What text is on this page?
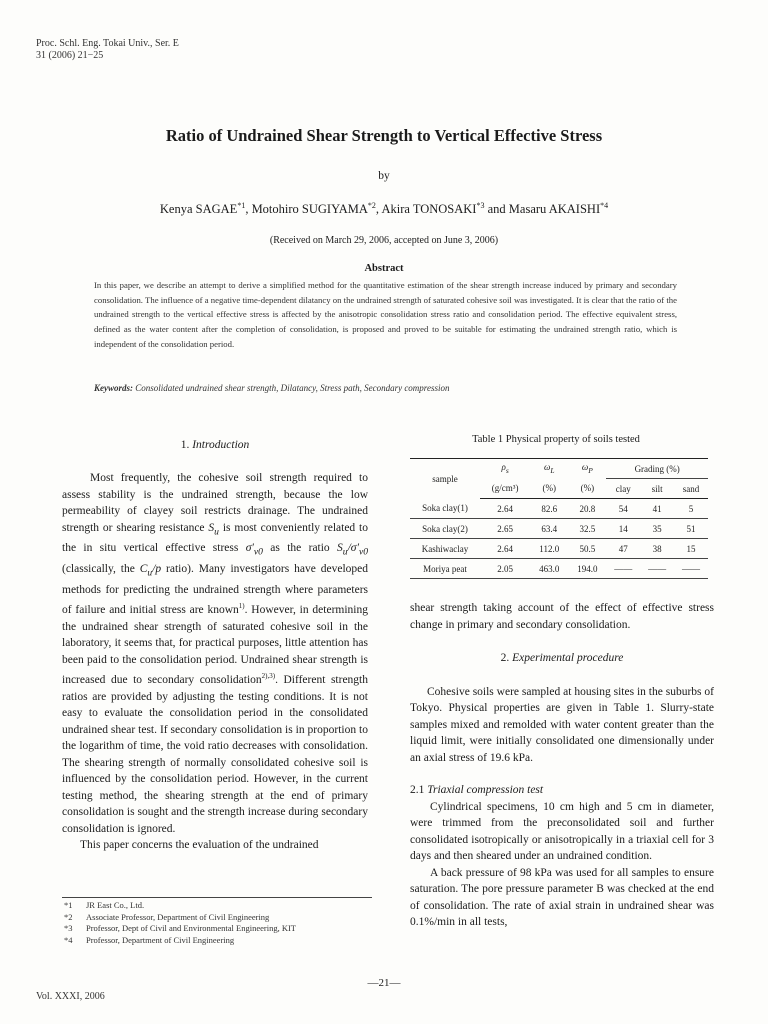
Proc. Schl. Eng. Tokai Univ., Ser. E
31 (2006) 21−25
Ratio of Undrained Shear Strength to Vertical Effective Stress
by
Kenya SAGAE$^{*1}$, Motohiro SUGIYAMA$^{*2}$, Akira TONOSAKI$^{*3}$ and Masaru AKAISHI$^{*4}$
(Received on March 29, 2006, accepted on June 3, 2006)
Abstract
In this paper, we describe an attempt to derive a simplified method for the quantitative estimation of the shear strength increase induced by primary and secondary consolidation. The influence of a negative time-dependent dilatancy on the undrained strength of saturated cohesive soil was investigated. It is clear that the ratio of the undrained strength to the vertical effective stress is affected by the anisotropic consolidation stress ratio and consolidation period. The effective equivalent stress, defined as the water content after the completion of consolidation, is proposed and proved to be suitable for estimating the undrained strength ratio, which is independent of the consolidation period.
Keywords: Consolidated undrained shear strength, Dilatancy, Stress path, Secondary compression
1. Introduction

Most frequently, the cohesive soil strength required to assess stability is the undrained strength, because the low permeability of clayey soil restricts drainage. The undrained strength or shearing resistance $S_u$ is most conveniently related to the in situ vertical effective stress $\sigma'_{v0}$ as the ratio $S_u/\sigma'_{v0}$ (classically, the $C_u/p$ ratio). Many investigators have developed methods for predicting the undrained strength where parameters of failure and initial stress are known$^{1)}$. However, in determining the undrained shear strength of saturated cohesive soil in the laboratory, it seems that, for practical purposes, little attention has been paid to the consolidation period. Undrained shear strength is increased due to secondary consolidation$^{2),3)}$. Different strength ratios are provided by adjusting the testing conditions. It is not easy to evaluate the consolidation period in the consolidated undrained shear test. If secondary consolidation is in proportion to the logarithm of time, the void ratio decreases with consolidation. The shearing strength of normally consolidated cohesive soil is influenced by the consolidation period. However, in the current testing method, the shearing strength at the end of primary consolidation is sought and the strength increase during secondary consolidation is ignored.

This paper concerns the evaluation of the undrained

*1 JR East Co., Ltd.
*2 Associate Professor, Department of Civil Engineering
*3 Professor, Dept of Civil and Environmental Engineering, KIT
*4 Professor, Department of Civil Engineering
Table 1 Physical property of soils tested
sample	$\rho_s$	$\omega_L$	$\omega_P$	Grading (%)		
	(g/cm³)	(%)	(%)	clay	silt	sand
Soka clay(1)	2.64	82.6	20.8	54	41	5
Soka clay(2)	2.65	63.4	32.5	14	35	51
Kashiwaclay	2.64	112.0	50.5	47	38	15
Moriya peat	2.05	463.0	194.0	——	——	——

shear strength taking account of the effect of effective stress change in primary and secondary consolidation.

2. Experimental procedure

Cohesive soils were sampled at housing sites in the suburbs of Tokyo. Physical properties are given in Table 1. Slurry-state samples mixed and remolded with water content greater than the liquid limit, were initially consolidated one dimensionally under an axial stress of 19.6 kPa.

2.1 Triaxial compression test

Cylindrical specimens, 10 cm high and 5 cm in diameter, were trimmed from the preconsolidated soil and further consolidated isotropically or anisotropically in a triaxial cell for 3 days and then sheared under an undrained condition.

A back pressure of 98 kPa was used for all samples to ensure saturation. The pore pressure parameter B was checked at the end of consolidation. The rate of axial strain in undrained shear was 0.1%/min in all tests,

—21—
Vol. XXXI, 2006
